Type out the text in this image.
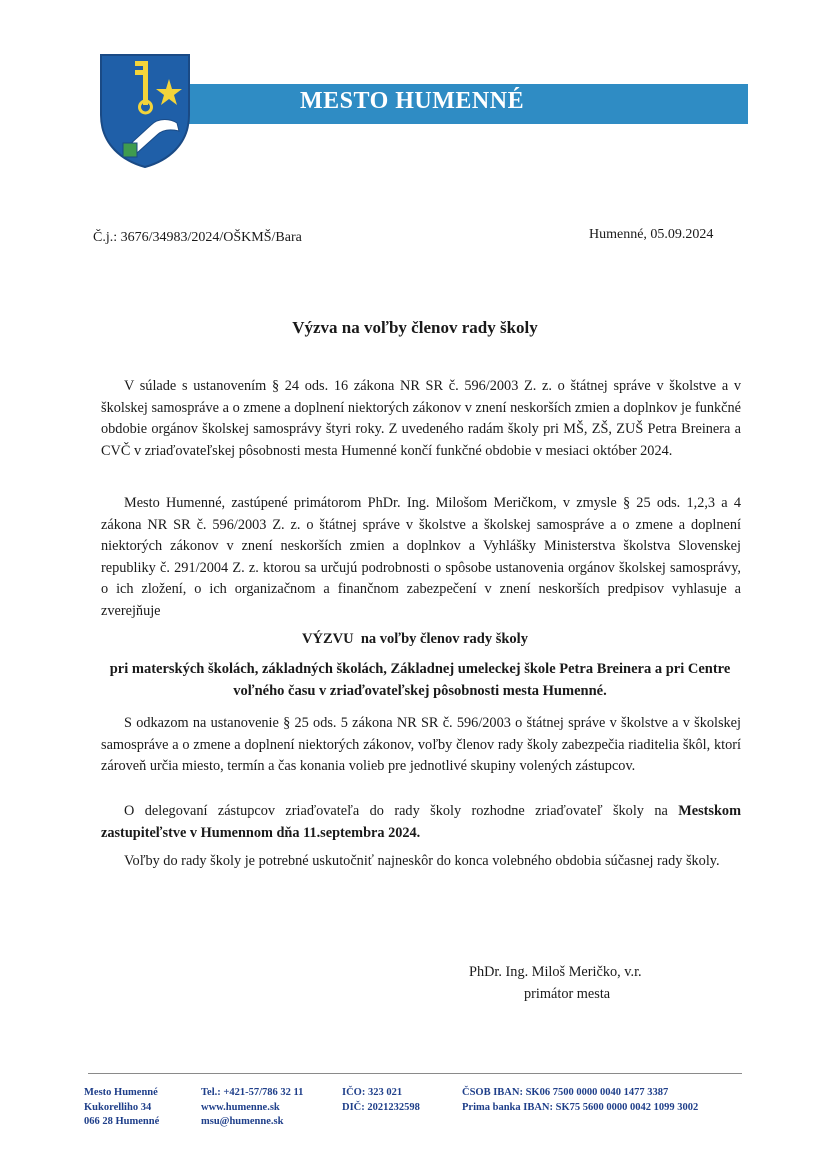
MESTO HUMENNÉ
Č.j.: 3676/34983/2024/OŠKMŠ/Bara	Humenné, 05.09.2024
Výzva na voľby členov rady školy
V súlade s ustanovením § 24 ods. 16 zákona NR SR č. 596/2003 Z. z. o štátnej správe v školstve a v školskej samospráve a o zmene a doplnení niektorých zákonov v znení neskorších zmien a doplnkov je funkčné obdobie orgánov školskej samosprávy štyri roky. Z uvedeného radám školy pri MŠ, ZŠ, ZUŠ Petra Breinera a CVČ v zriaďovateľskej pôsobnosti mesta Humenné končí funkčné obdobie v mesiaci október 2024.
Mesto Humenné, zastúpené primátorom PhDr. Ing. Milošom Meričkom, v zmysle § 25 ods. 1,2,3 a 4 zákona NR SR č. 596/2003 Z. z. o štátnej správe v školstve a školskej samospráve a o zmene a doplnení niektorých zákonov v znení neskorších zmien a doplnkov a Vyhlášky Ministerstva školstva Slovenskej republiky č. 291/2004 Z. z. ktorou sa určujú podrobnosti o spôsobe ustanovenia orgánov školskej samosprávy, o ich zložení, o ich organizačnom a finančnom zabezpečení v znení neskorších predpisov vyhlasuje a zverejňuje
VÝZVU  na voľby členov rady školy
pri materských školách, základných školách, Základnej umeleckej škole Petra Breinera a pri Centre voľného času v zriaďovateľskej pôsobnosti mesta Humenné.
S odkazom na ustanovenie § 25 ods. 5 zákona NR SR č. 596/2003 o štátnej správe v školstve a v školskej samospráve a o zmene a doplnení niektorých zákonov, voľby členov rady školy zabezpečia riaditelia škôl, ktorí zároveň určia miesto, termín a čas konania volieb pre jednotlivé skupiny volených zástupcov.
O delegovaní zástupcov zriaďovateľa do rady školy rozhodne zriaďovateľ školy na Mestskom zastupiteľstve v Humennom dňa 11.septembra 2024.
Voľby do rady školy je potrebné uskutočniť najneskôr do konca volebného obdobia súčasnej rady školy.
PhDr. Ing. Miloš Meričko, v.r.
primátor mesta
Mesto Humenné
Kukorelliho 34
066 28 Humenné
Tel.: +421-57/786 32 11
www.humenne.sk
msu@humenne.sk
IČO: 323 021
DIČ: 2021232598
ČSOB IBAN: SK06 7500 0000 0040 1477 3387
Prima banka IBAN: SK75 5600 0000 0042 1099 3002
